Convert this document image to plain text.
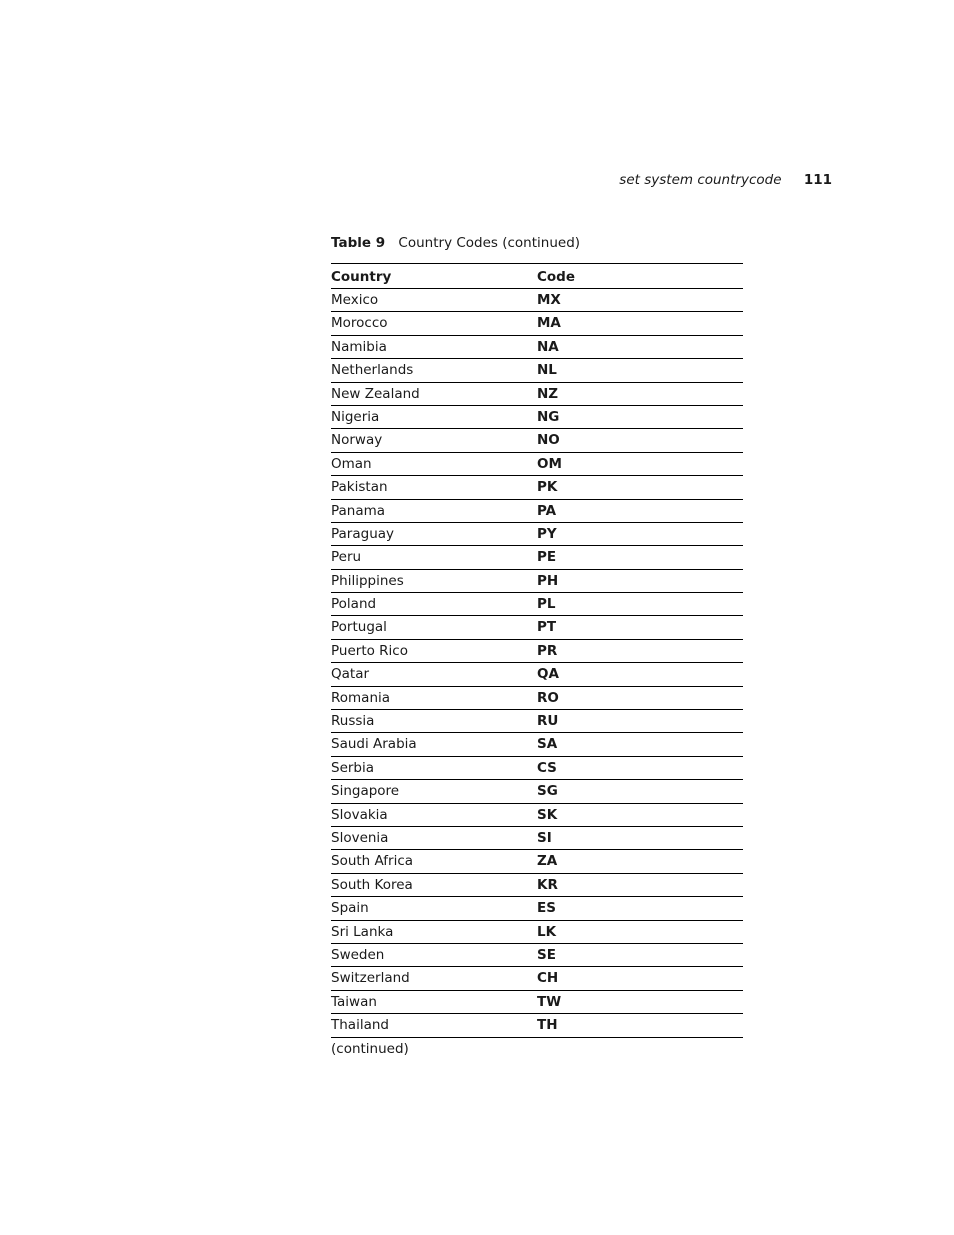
set system countrycode 111
Table 9 Country Codes (continued)
Country	Code
Mexico	MX
Morocco	MA
Namibia	NA
Netherlands	NL
New Zealand	NZ
Nigeria	NG
Norway	NO
Oman	OM
Pakistan	PK
Panama	PA
Paraguay	PY
Peru	PE
Philippines	PH
Poland	PL
Portugal	PT
Puerto Rico	PR
Qatar	QA
Romania	RO
Russia	RU
Saudi Arabia	SA
Serbia	CS
Singapore	SG
Slovakia	SK
Slovenia	SI
South Africa	ZA
South Korea	KR
Spain	ES
Sri Lanka	LK
Sweden	SE
Switzerland	CH
Taiwan	TW
Thailand	TH
(continued)
